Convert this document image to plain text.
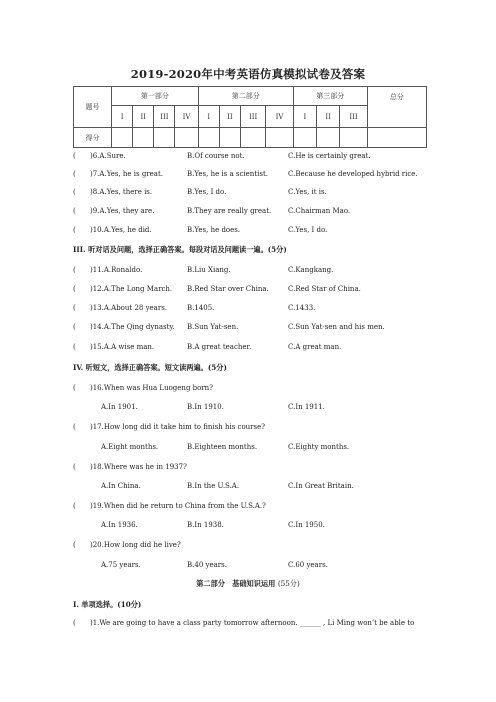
2019-2020年中考英语仿真模拟试卷及答案
题号	第一部分				第二部分				第三部分			总分
	I	II	III	IV	I	II	III	IV	I	II	III	
得分												
( )6.A.Sure.	B.Of course not.	C.He is certainly great.
( )7.A.Yes, he is great.	B.Yes, he is a scientist.	C.Because he developed hybrid rice.
( )8.A.Yes, there is.	B.Yes, I do.	C.Yes, it is.
( )9.A.Yes, they are.	B.They are really great. C.Chairman Mao.
( )10.A.Yes, he did.	B.Yes, he does.	C.Yes, I do.
III. 听对话及问题，选择正确答案。每段对话及问题读一遍。(5分)
( )11.A.Ronaldo.	B.Liu Xiang.	C.Kangkang.
( )12.A.The Long March. B.Red Star over China.	C.Red Star of China.
( )13.A.About 28 years.	B.1405.	C.1433.
( )14.A.The Qing dynasty. B.Sun Yat-sen.	C.Sun Yat-sen and his men.
( )15.A.A wise man.	B.A great teacher.	C.A great man.
IV. 听短文，选择正确答案。短文读两遍。(5分)
( )16.When was Hua Luogeng born?
A.In 1901.	B.In 1910.	C.In 1911.
( )17.How long did it take him to finish his course?
A.Eight months.	B.Eighteen months.	C.Eighty months.
( )18.Where was he in 1937?
A.In China.	B.In the U.S.A.	C.In Great Britain.
( )19.When did he return to China from the U.S.A.?
A.In 1936.	B.In 1938.	C.In 1950.
( )20.How long did he live?
A.75 years.	B.40 years.	C.60 years.
第二部分　基础知识运用 (55分)
Ⅰ. 单项选择。(10分)
( )1.We are going to have a class party tomorrow afternoon. ______ , Li Ming won’t be able to
